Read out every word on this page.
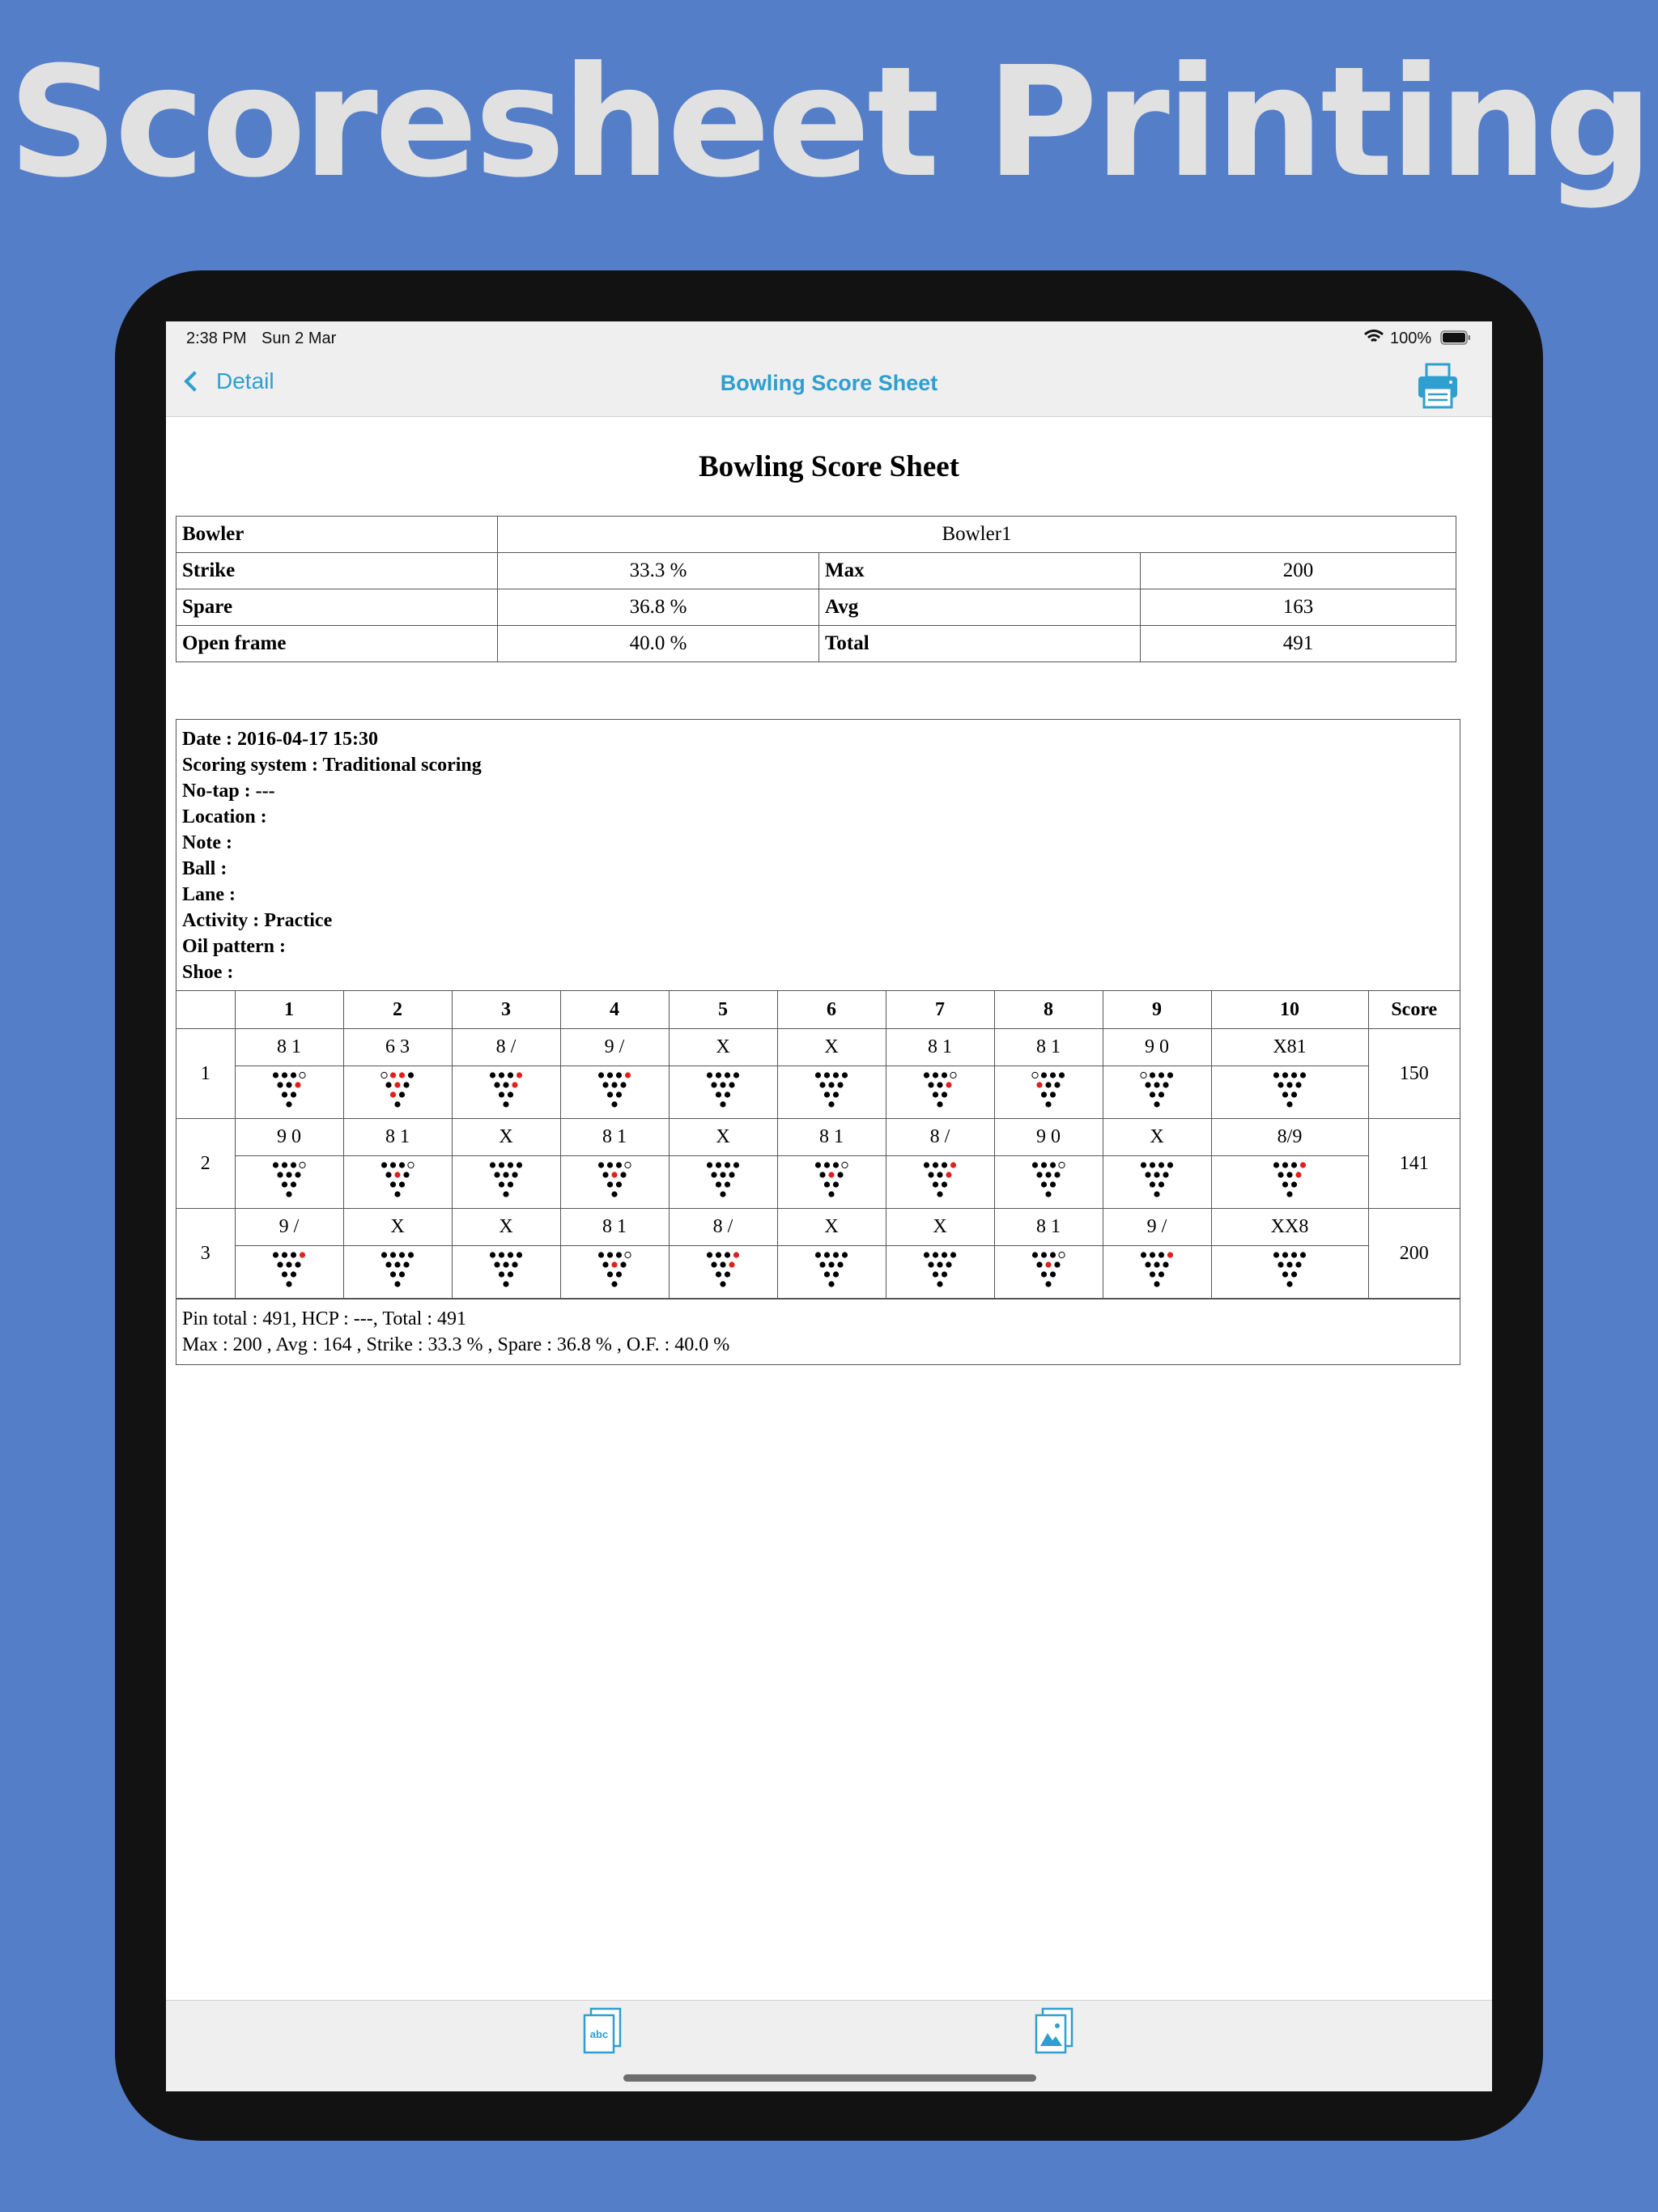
Scoresheet Printing
2:38 PM Sun 2 Mar	100%
Detail	Bowling Score Sheet
Bowling Score Sheet
Bowler	Bowler1		
Strike	33.3 %	Max	200
Spare	36.8 %	Avg	163
Open frame	40.0 %	Total	491
Date : 2016-04-17 15:30
Scoring system : Traditional scoring
No-tap : ---
Location :
Note :
Ball :
Lane :
Activity : Practice
Oil pattern :
Shoe :
	1	2	3	4	5	6	7	8	9	10	Score
1	8 1	6 3	8 /	9 /	X	X	8 1	8 1	9 0	X81	150

2	9 0	8 1	X	8 1	X	8 1	8 /	9 0	X	8/9	141

3	9 /	X	X	8 1	8 /	X	X	8 1	9 /	XX8	200

Pin total : 491, HCP : ---, Total : 491
Max : 200 , Avg : 164 , Strike : 33.3 % , Spare : 36.8 % , O.F. : 40.0 %
abc
